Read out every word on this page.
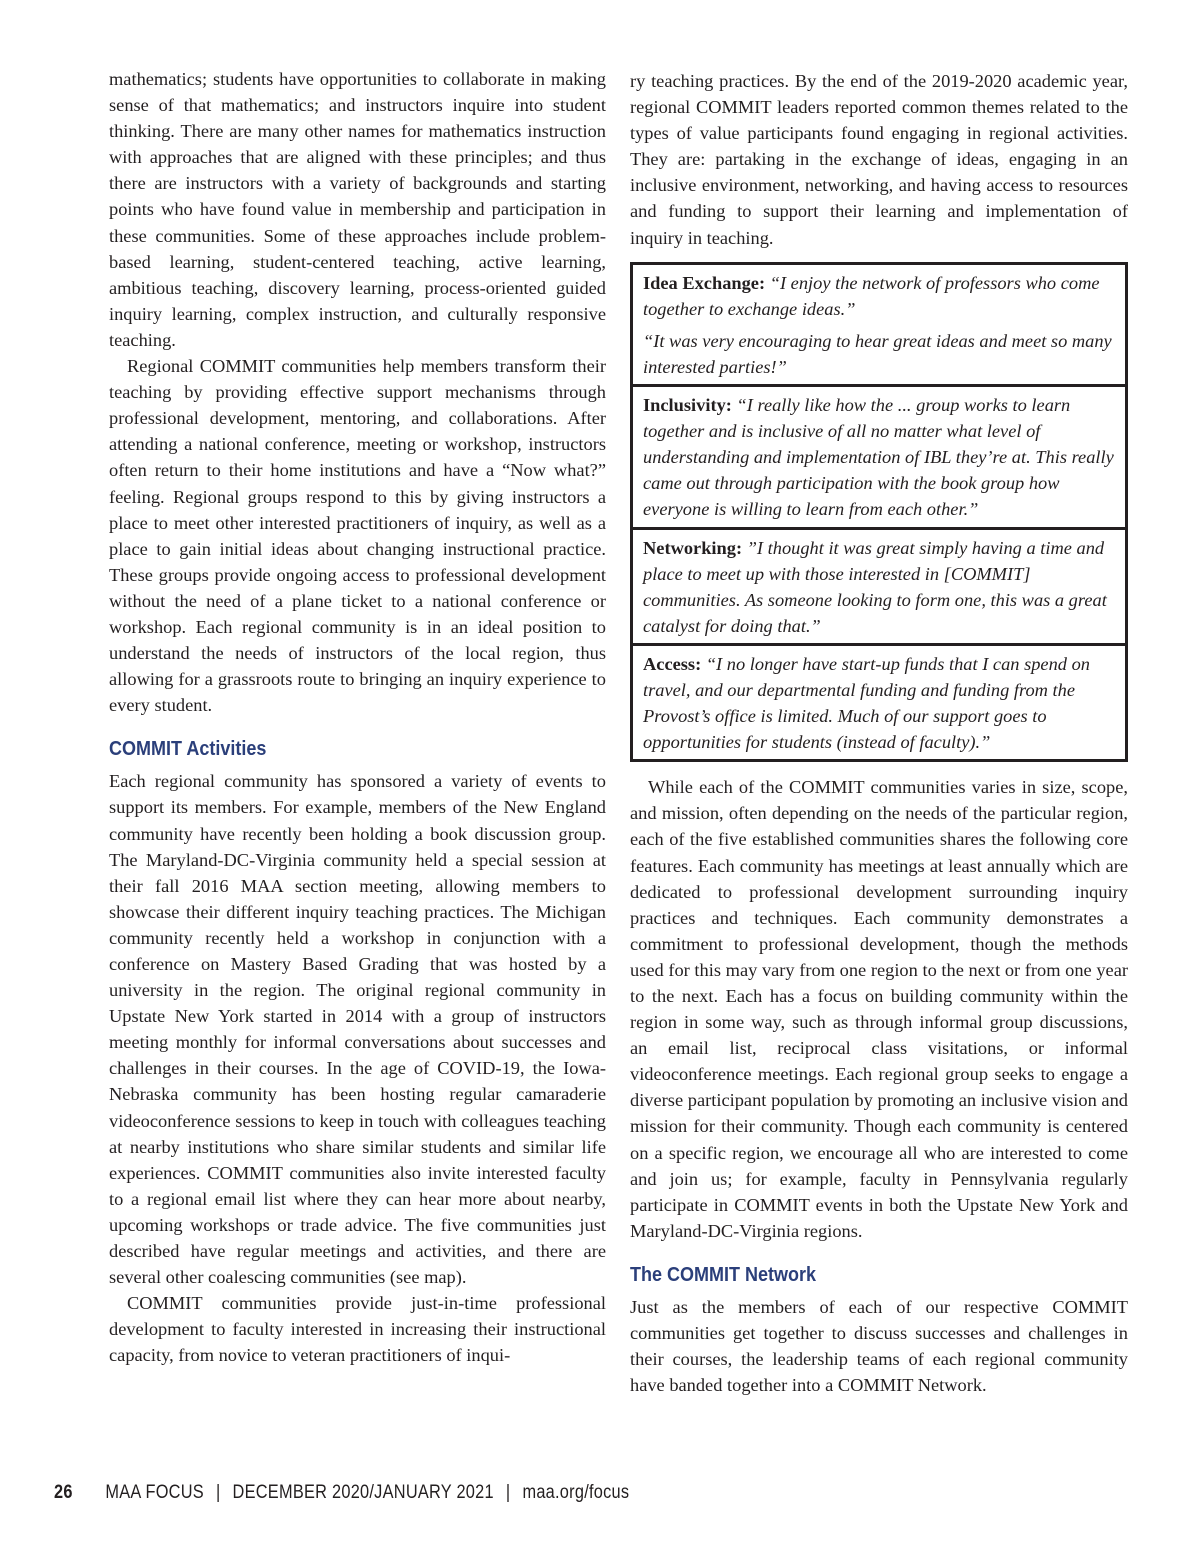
mathematics; students have opportunities to collaborate in making sense of that mathematics; and instructors inquire into student thinking. There are many other names for mathematics instruction with approaches that are aligned with these principles; and thus there are instructors with a variety of backgrounds and starting points who have found value in membership and participation in these communities. Some of these approaches include problem-based learning, student-centered teaching, active learning, ambitious teaching, discovery learning, process-oriented guided inquiry learning, complex instruction, and culturally responsive teaching.

Regional COMMIT communities help members transform their teaching by providing effective support mechanisms through professional development, mentoring, and collaborations. After attending a national conference, meeting or workshop, instructors often return to their home institutions and have a “Now what?” feeling. Regional groups respond to this by giving instructors a place to meet other interested practitioners of inquiry, as well as a place to gain initial ideas about changing instructional practice. These groups provide ongoing access to professional development without the need of a plane ticket to a national conference or workshop. Each regional community is in an ideal position to understand the needs of instructors of the local region, thus allowing for a grassroots route to bringing an inquiry experience to every student.

COMMIT Activities

Each regional community has sponsored a variety of events to support its members. For example, members of the New England community have recently been holding a book discussion group. The Maryland-DC-Virginia community held a special session at their fall 2016 MAA section meeting, allowing members to showcase their different inquiry teaching practices. The Michigan community recently held a workshop in conjunction with a conference on Mastery Based Grading that was hosted by a university in the region. The original regional community in Upstate New York started in 2014 with a group of instructors meeting monthly for informal conversations about successes and challenges in their courses. In the age of COVID-19, the Iowa-Nebraska community has been hosting regular camaraderie videoconference sessions to keep in touch with colleagues teaching at nearby institutions who share similar students and similar life experiences. COMMIT communities also invite interested faculty to a regional email list where they can hear more about nearby, upcoming workshops or trade advice. The five communities just described have regular meetings and activities, and there are several other coalescing communities (see map).

COMMIT communities provide just-in-time professional development to faculty interested in increasing their instructional capacity, from novice to veteran practitioners of inqui-

ry teaching practices. By the end of the 2019-2020 academic year, regional COMMIT leaders reported common themes related to the types of value participants found engaging in regional activities. They are: partaking in the exchange of ideas, engaging in an inclusive environment, networking, and having access to resources and funding to support their learning and implementation of inquiry in teaching.

Idea Exchange: “I enjoy the network of professors who come together to exchange ideas.”

“It was very encouraging to hear great ideas and meet so many interested parties!”

Inclusivity: “I really like how the ... group works to learn together and is inclusive of all no matter what level of understanding and implementation of IBL they’re at. This really came out through participation with the book group how everyone is willing to learn from each other.”

Networking: ”I thought it was great simply having a time and place to meet up with those interested in [COMMIT] communities. As someone looking to form one, this was a great catalyst for doing that.”

Access: “I no longer have start-up funds that I can spend on travel, and our departmental funding and funding from the Provost’s office is limited. Much of our support goes to opportunities for students (instead of faculty).”

While each of the COMMIT communities varies in size, scope, and mission, often depending on the needs of the particular region, each of the five established communities shares the following core features. Each community has meetings at least annually which are dedicated to professional development surrounding inquiry practices and techniques. Each community demonstrates a commitment to professional development, though the methods used for this may vary from one region to the next or from one year to the next. Each has a focus on building community within the region in some way, such as through informal group discussions, an email list, reciprocal class visitations, or informal videoconference meetings. Each regional group seeks to engage a diverse participant population by promoting an inclusive vision and mission for their community. Though each community is centered on a specific region, we encourage all who are interested to come and join us; for example, faculty in Pennsylvania regularly participate in COMMIT events in both the Upstate New York and Maryland-DC-Virginia regions.

The COMMIT Network

Just as the members of each of our respective COMMIT communities get together to discuss successes and challenges in their courses, the leadership teams of each regional community have banded together into a COMMIT Network.

26 MAA FOCUS | DECEMBER 2020/JANUARY 2021 | maa.org/focus
